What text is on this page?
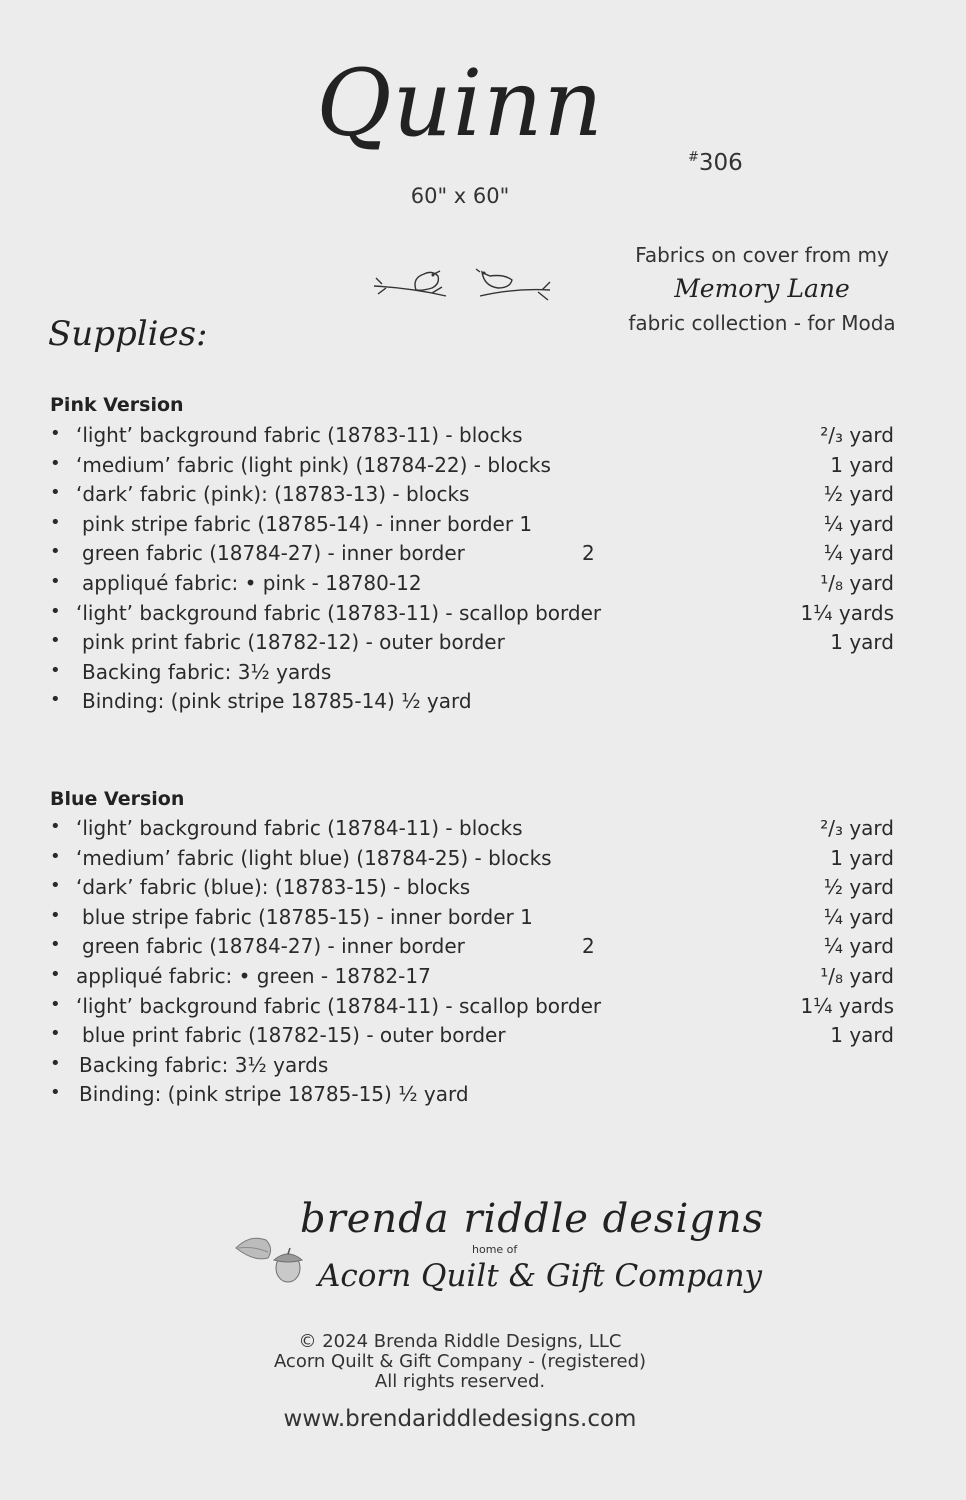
Quinn
60" x 60"
#306
Fabrics on cover from my
Memory Lane
fabric collection - for Moda
Supplies:
Pink Version
• ‘light’ background fabric (18783-11) - blocks	²/₃ yard
• ‘medium’ fabric (light pink) (18784-22) - blocks	1 yard
• ‘dark’ fabric (pink): (18783-13) - blocks	½ yard
• pink stripe fabric (18785-14) - inner border 1	¼ yard
• green fabric (18784-27) - inner border	2	¼ yard
• appliqué fabric: • pink - 18780-12	¹/₈ yard
• ‘light’ background fabric (18783-11) - scallop border	1¼ yards
• pink print fabric (18782-12) - outer border	1 yard
• Backing fabric: 3½ yards
• Binding: (pink stripe 18785-14) ½ yard
Blue Version
• ‘light’ background fabric (18784-11) - blocks	²/₃ yard
• ‘medium’ fabric (light blue) (18784-25) - blocks	1 yard
• ‘dark’ fabric (blue): (18783-15) - blocks	½ yard
• blue stripe fabric (18785-15) - inner border 1	¼ yard
• green fabric (18784-27) - inner border	2	¼ yard
• appliqué fabric: • green - 18782-17	¹/₈ yard
• ‘light’ background fabric (18784-11) - scallop border	1¼ yards
• blue print fabric (18782-15) - outer border	1 yard
• Backing fabric: 3½ yards
• Binding: (pink stripe 18785-15) ½ yard
brenda riddle designs
home of
Acorn Quilt & Gift Company
© 2024 Brenda Riddle Designs, LLC
Acorn Quilt & Gift Company - (registered)
All rights reserved.
www.brendariddledesigns.com
